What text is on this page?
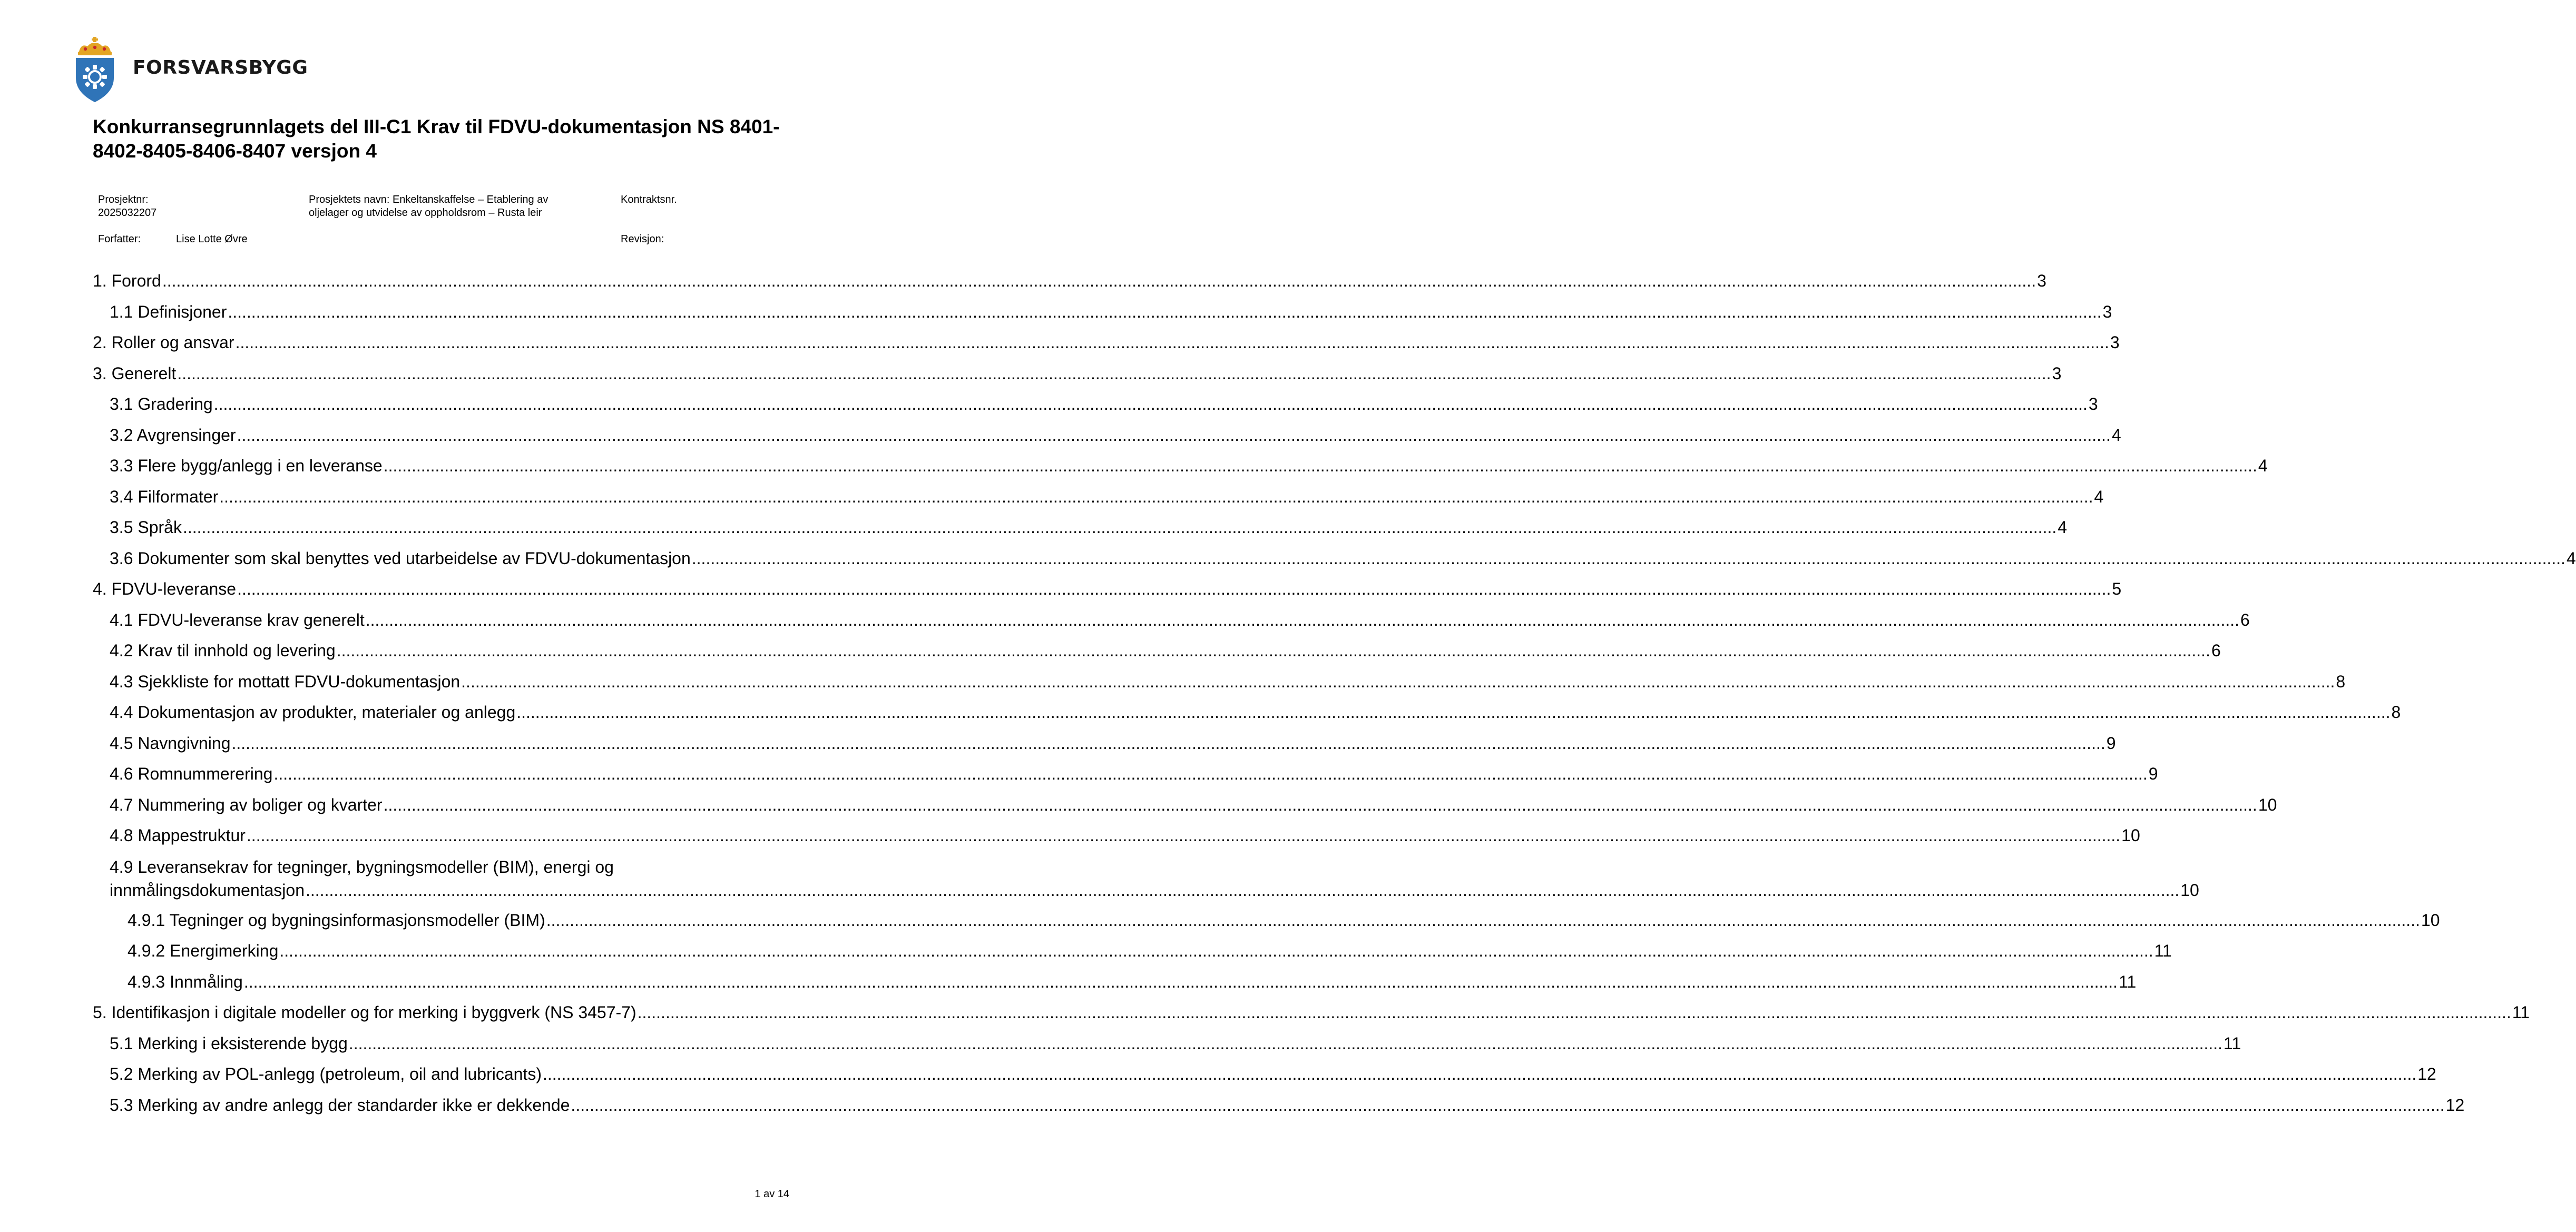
FORSVARSBYGG
Konkurransegrunnlagets del III-C1 Krav til FDVU-dokumentasjon NS 8401-8402-8405-8406-8407 versjon 4
Prosjektnr:
2025032207
Prosjektets navn: Enkeltanskaffelse – Etablering av
oljelager og utvidelse av oppholdsrom – Rusta leir
Kontraktsnr.
Forfatter:	Lise Lotte Øvre	Revisjon:
1. Forord ................................................................................................................................................................................................................................................................................................................................................................................................................ 3
1.1 Definisjoner ................................................................................................................................................................................................................................................................................................................................................................................................................ 3
2. Roller og ansvar ................................................................................................................................................................................................................................................................................................................................................................................................................ 3
3. Generelt ................................................................................................................................................................................................................................................................................................................................................................................................................ 3
3.1 Gradering ................................................................................................................................................................................................................................................................................................................................................................................................................ 3
3.2 Avgrensinger ................................................................................................................................................................................................................................................................................................................................................................................................................ 4
3.3 Flere bygg/anlegg i en leveranse ................................................................................................................................................................................................................................................................................................................................................................................................................ 4
3.4 Filformater ................................................................................................................................................................................................................................................................................................................................................................................................................ 4
3.5 Språk ................................................................................................................................................................................................................................................................................................................................................................................................................ 4
3.6 Dokumenter som skal benyttes ved utarbeidelse av FDVU-dokumentasjon ................................................................................................................................................................................................................................................................................................................................................................................................................ 4
4. FDVU-leveranse ................................................................................................................................................................................................................................................................................................................................................................................................................ 5
4.1 FDVU-leveranse krav generelt ................................................................................................................................................................................................................................................................................................................................................................................................................ 6
4.2 Krav til innhold og levering ................................................................................................................................................................................................................................................................................................................................................................................................................ 6
4.3 Sjekkliste for mottatt FDVU-dokumentasjon ................................................................................................................................................................................................................................................................................................................................................................................................................ 8
4.4 Dokumentasjon av produkter, materialer og anlegg ................................................................................................................................................................................................................................................................................................................................................................................................................ 8
4.5 Navngivning ................................................................................................................................................................................................................................................................................................................................................................................................................ 9
4.6 Romnummerering ................................................................................................................................................................................................................................................................................................................................................................................................................ 9
4.7 Nummering av boliger og kvarter ................................................................................................................................................................................................................................................................................................................................................................................................................ 10
4.8 Mappestruktur ................................................................................................................................................................................................................................................................................................................................................................................................................ 10
4.9 Leveransekrav for tegninger, bygningsmodeller (BIM), energi og
innmålingsdokumentasjon ................................................................................................................................................................................................................................................................................................................................................................................................................ 10
4.9.1 Tegninger og bygningsinformasjonsmodeller (BIM) ................................................................................................................................................................................................................................................................................................................................................................................................................ 10
4.9.2 Energimerking ................................................................................................................................................................................................................................................................................................................................................................................................................ 11
4.9.3 Innmåling ................................................................................................................................................................................................................................................................................................................................................................................................................ 11
5. Identifikasjon i digitale modeller og for merking i byggverk (NS 3457-7) ................................................................................................................................................................................................................................................................................................................................................................................................................ 11
5.1 Merking i eksisterende bygg ................................................................................................................................................................................................................................................................................................................................................................................................................ 11
5.2 Merking av POL-anlegg (petroleum, oil and lubricants) ................................................................................................................................................................................................................................................................................................................................................................................................................ 12
5.3 Merking av andre anlegg der standarder ikke er dekkende ................................................................................................................................................................................................................................................................................................................................................................................................................ 12
1 av 14
